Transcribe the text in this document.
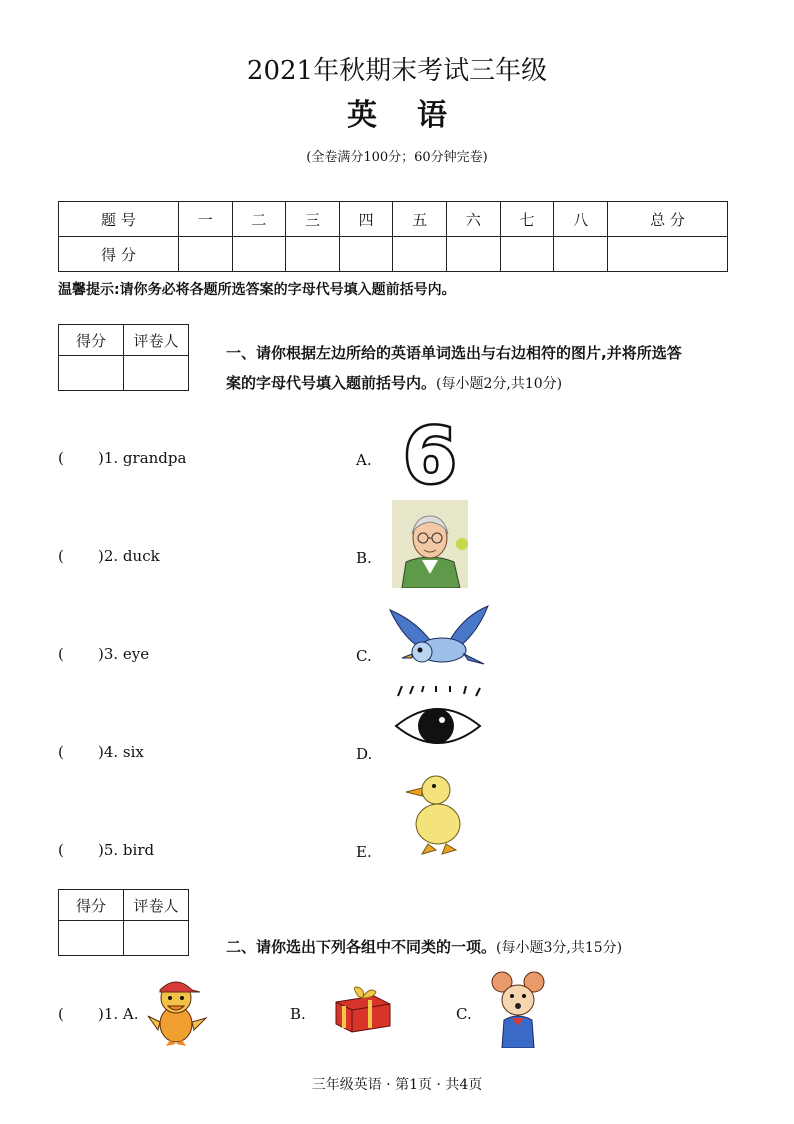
2021年秋期末考试三年级
英语
(全卷满分100分；60分钟完卷)
题 号	一	二	三	四	五	六	七	八	总 分
得 分									
温馨提示:请你务必将各题所选答案的字母代号填入题前括号内。
得分	评卷人

一、请你根据左边所给的英语单词选出与右边相符的图片,并将所选答
案的字母代号填入题前括号内。(每小题2分,共10分)
( )1. grandpa
( )2. duck
( )3. eye
( )4. six
( )5. bird
A.
B.
C.
D.
E.
6
得分	评卷人

二、请你选出下列各组中不同类的一项。(每小题3分,共15分)
( )1. A.	B.	C.
三年级英语 · 第1页 · 共4页
